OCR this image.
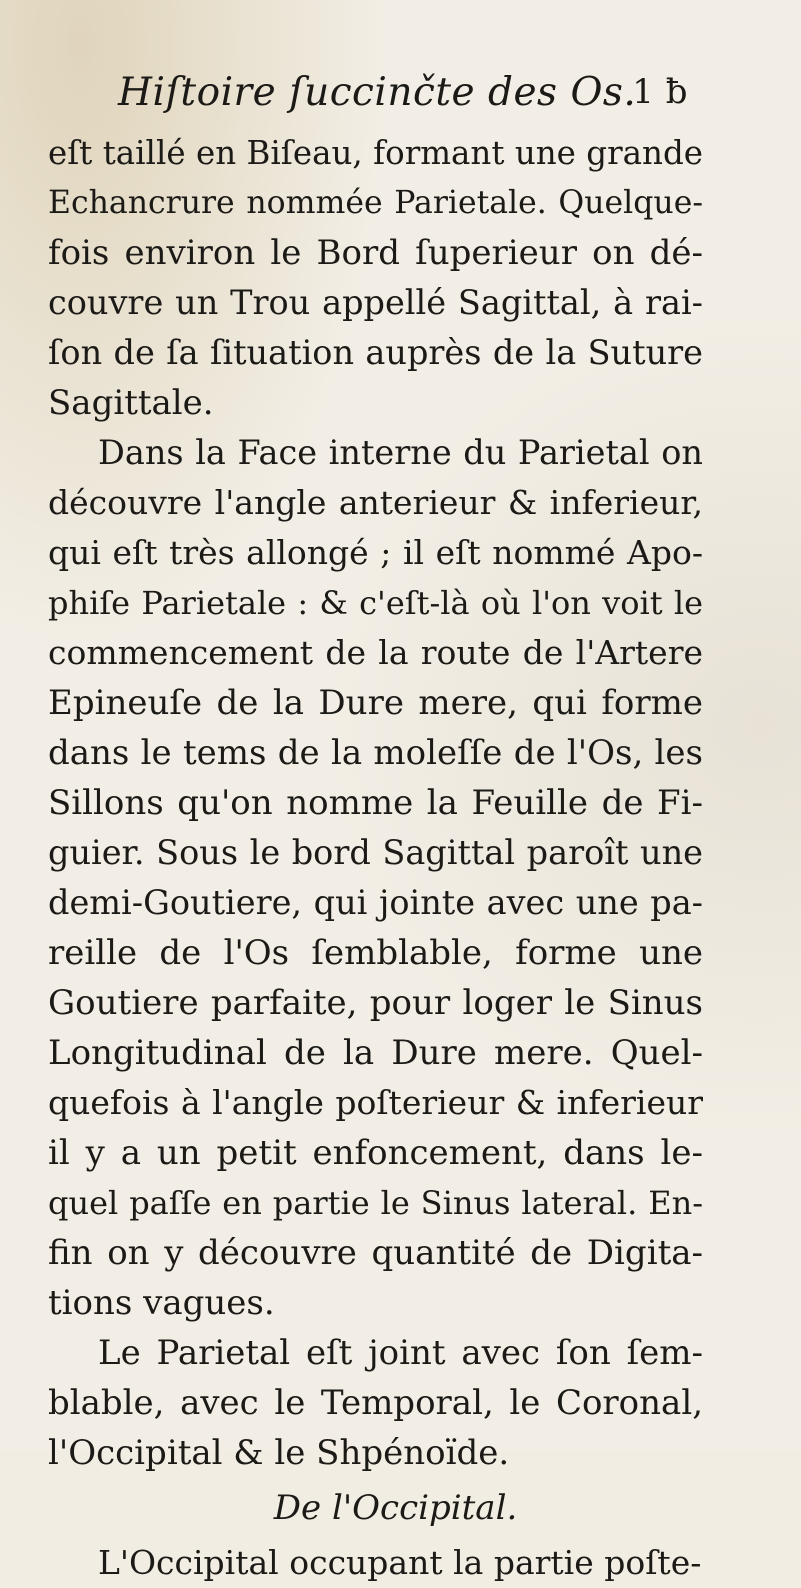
Hiſtoire ſuccinčte des Os.
1 ƀ
eſt taillé en Biſeau, formant une grande
Echancrure nommée Parietale. Quelque-
fois environ le Bord ſuperieur on dé-
couvre un Trou appellé Sagittal, à rai-
ſon de ſa ſituation auprès de la Suture
Sagittale.
Dans la Face interne du Parietal on
découvre l'angle anterieur & inferieur,
qui eſt très allongé ; il eſt nommé Apo-
phiſe Parietale : & c'eſt-là où l'on voit le
commencement de la route de l'Artere
Epineuſe de la Dure mere, qui forme
dans le tems de la moleſſe de l'Os, les
Sillons qu'on nomme la Feuille de Fi-
guier. Sous le bord Sagittal paroît une
demi-Goutiere, qui jointe avec une pa-
reille de l'Os ſemblable, forme une
Goutiere parfaite, pour loger le Sinus
Longitudinal de la Dure mere. Quel-
quefois à l'angle poſterieur & inferieur
il y a un petit enfoncement, dans le-
quel paſſe en partie le Sinus lateral. En-
fin on y découvre quantité de Digita-
tions vagues.
Le Parietal eſt joint avec ſon ſem-
blable, avec le Temporal, le Coronal,
l'Occipital & le Shpénoïde.
De l'Occipital.
L'Occipital occupant la partie poſte-
